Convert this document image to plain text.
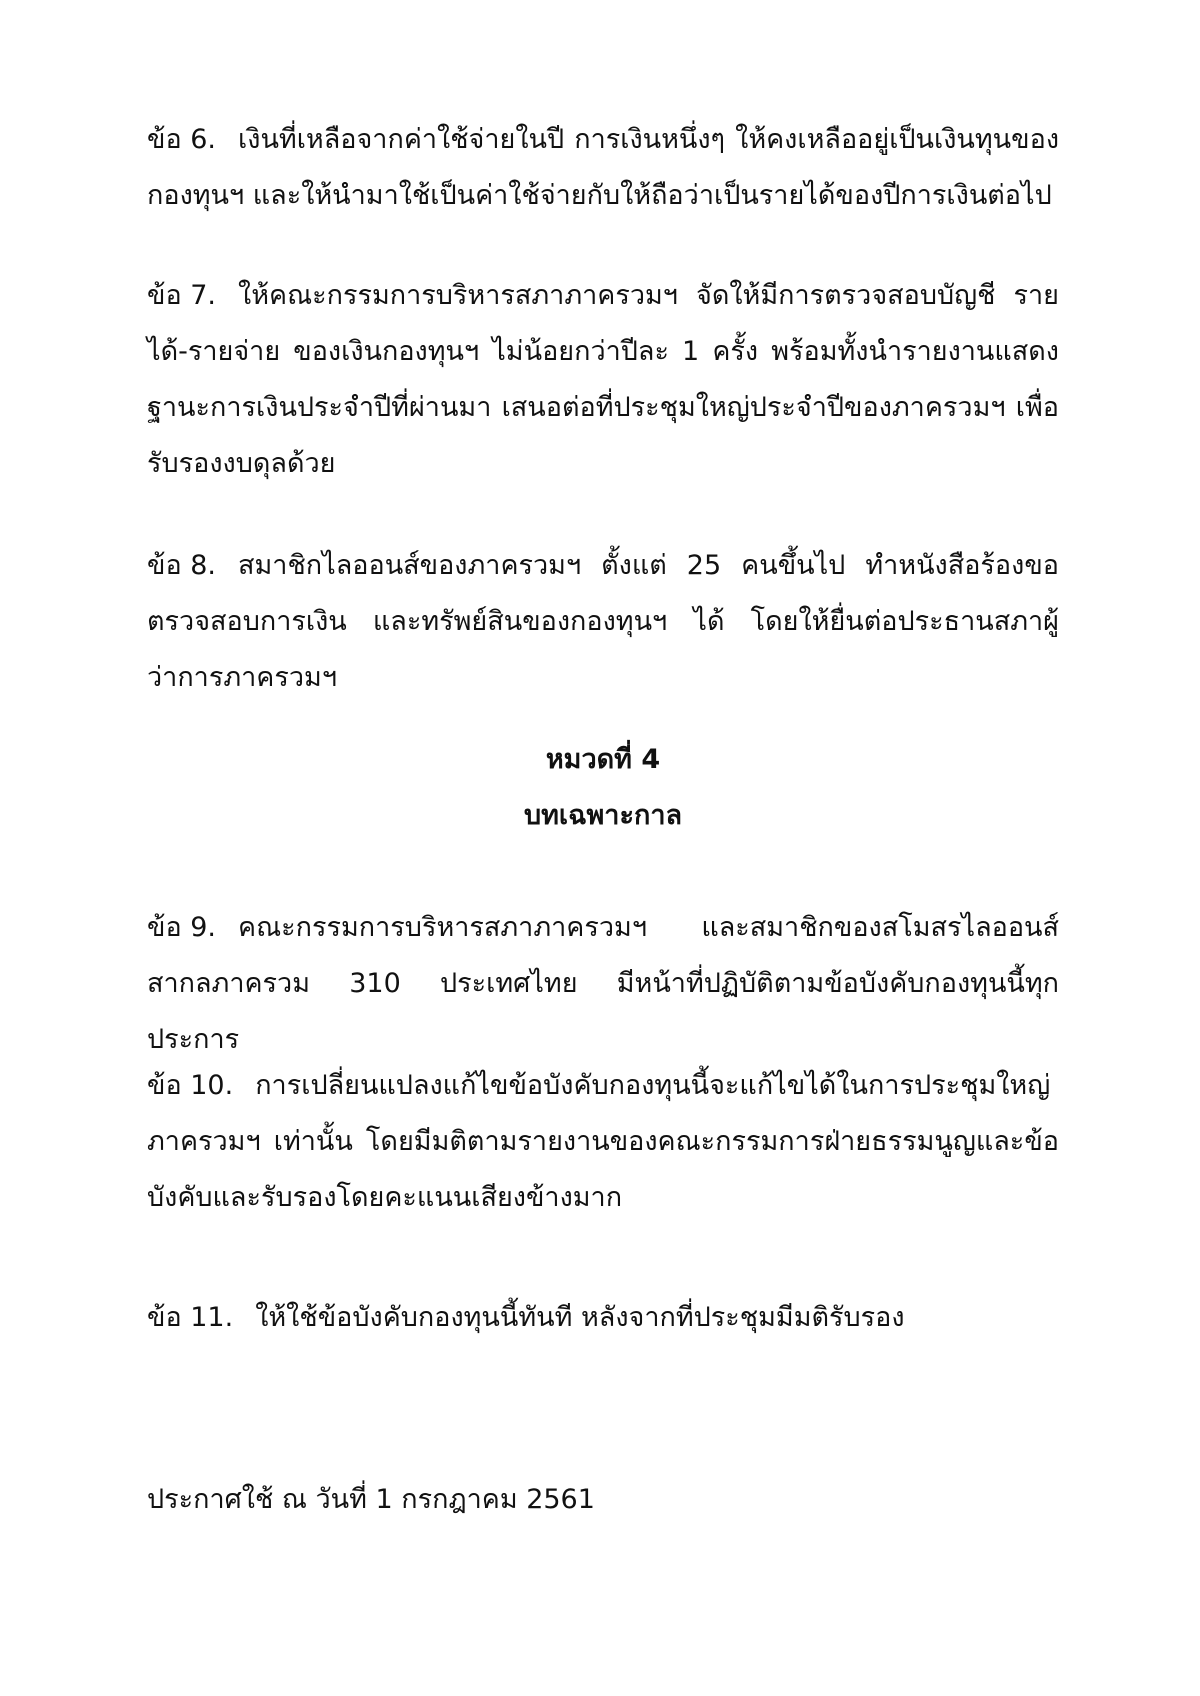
ข้อ 6. เงินที่เหลือจากค่าใช้จ่ายในปี การเงินหนึ่งๆ ให้คงเหลืออยู่เป็นเงินทุนของกองทุนฯ และให้นำมาใช้เป็นค่าใช้จ่ายกับให้ถือว่าเป็นรายได้ของปีการเงินต่อไป

ข้อ 7. ให้คณะกรรมการบริหารสภาภาครวมฯ จัดให้มีการตรวจสอบบัญชี รายได้-รายจ่าย ของเงินกองทุนฯ ไม่น้อยกว่าปีละ 1 ครั้ง พร้อมทั้งนำรายงานแสดงฐานะการเงินประจำปีที่ผ่านมา เสนอต่อที่ประชุมใหญ่ประจำปีของภาครวมฯ เพื่อรับรองงบดุลด้วย

ข้อ 8. สมาชิกไลออนส์ของภาครวมฯ ตั้งแต่ 25 คนขึ้นไป ทำหนังสือร้องขอตรวจสอบการเงิน และทรัพย์สินของกองทุนฯ ได้ โดยให้ยื่นต่อประธานสภาผู้ว่าการภาครวมฯ

หมวดที่ 4
บทเฉพาะกาล

ข้อ 9. คณะกรรมการบริหารสภาภาครวมฯ และสมาชิกของสโมสรไลออนส์สากลภาครวม 310 ประเทศไทย มีหน้าที่ปฏิบัติตามข้อบังคับกองทุนนี้ทุกประการ

ข้อ 10. การเปลี่ยนแปลงแก้ไขข้อบังคับกองทุนนี้จะแก้ไขได้ในการประชุมใหญ่ภาครวมฯ เท่านั้น โดยมีมติตามรายงานของคณะกรรมการฝ่ายธรรมนูญและข้อบังคับและรับรองโดยคะแนนเสียงข้างมาก

ข้อ 11. ให้ใช้ข้อบังคับกองทุนนี้ทันที หลังจากที่ประชุมมีมติรับรอง

ประกาศใช้ ณ วันที่ 1 กรกฎาคม 2561
